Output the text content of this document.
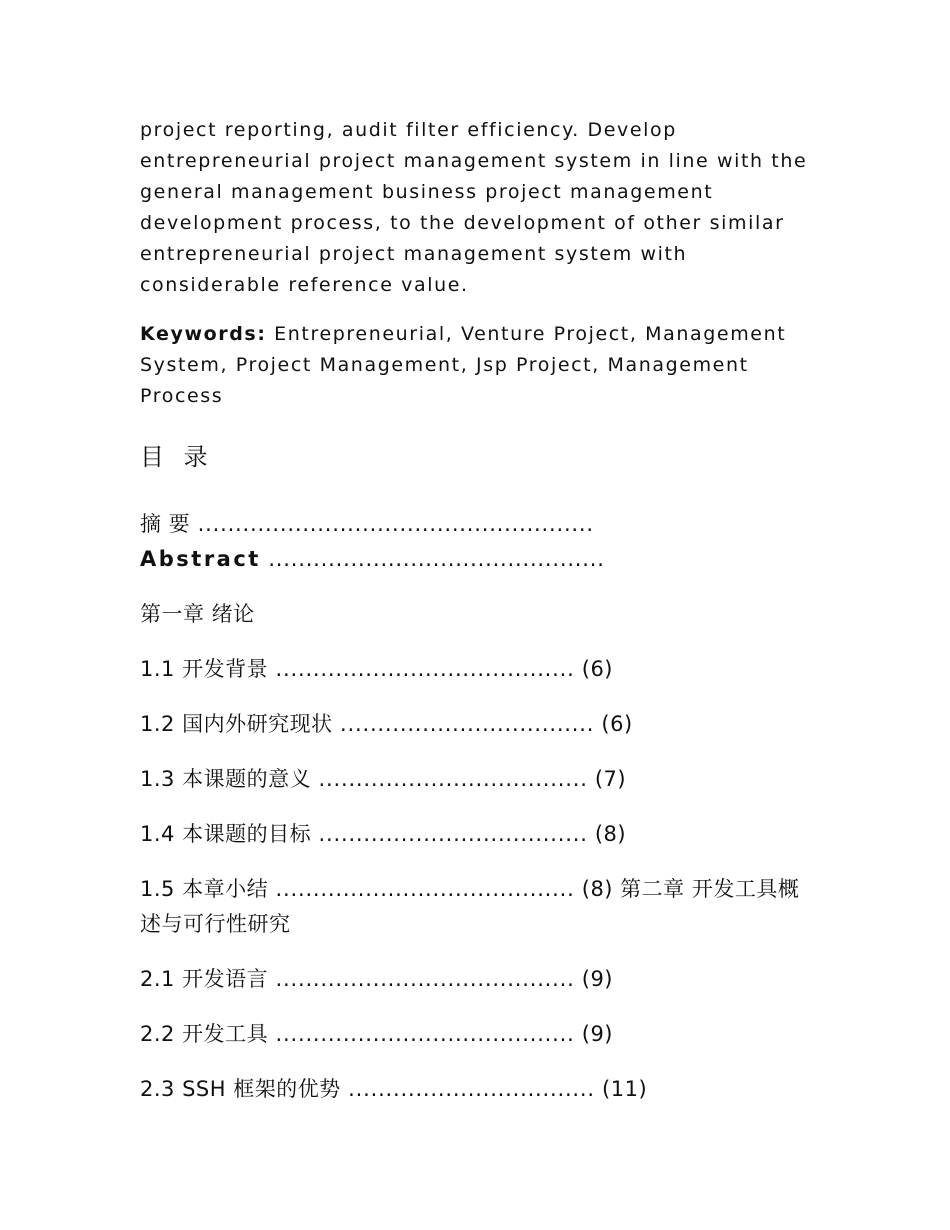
project reporting, audit filter efficiency. Develop entrepreneurial project management system in line with the general management business project management development process, to the development of other similar entrepreneurial project management system with considerable reference value.

Keywords: Entrepreneurial, Venture Project, Management System, Project Management, Jsp Project, Management Process

目 录
摘 要 .....................................................
Abstract .............................................
第一章 绪论
1.1 开发背景 ........................................ (6)
1.2 国内外研究现状 .................................. (6)
1.3 本课题的意义 .................................... (7)
1.4 本课题的目标 .................................... (8)
1.5 本章小结 ........................................ (8) 第二章 开发工具概述与可行性研究
2.1 开发语言 ........................................ (9)
2.2 开发工具 ........................................ (9)
2.3 SSH 框架的优势 ................................. (11)
